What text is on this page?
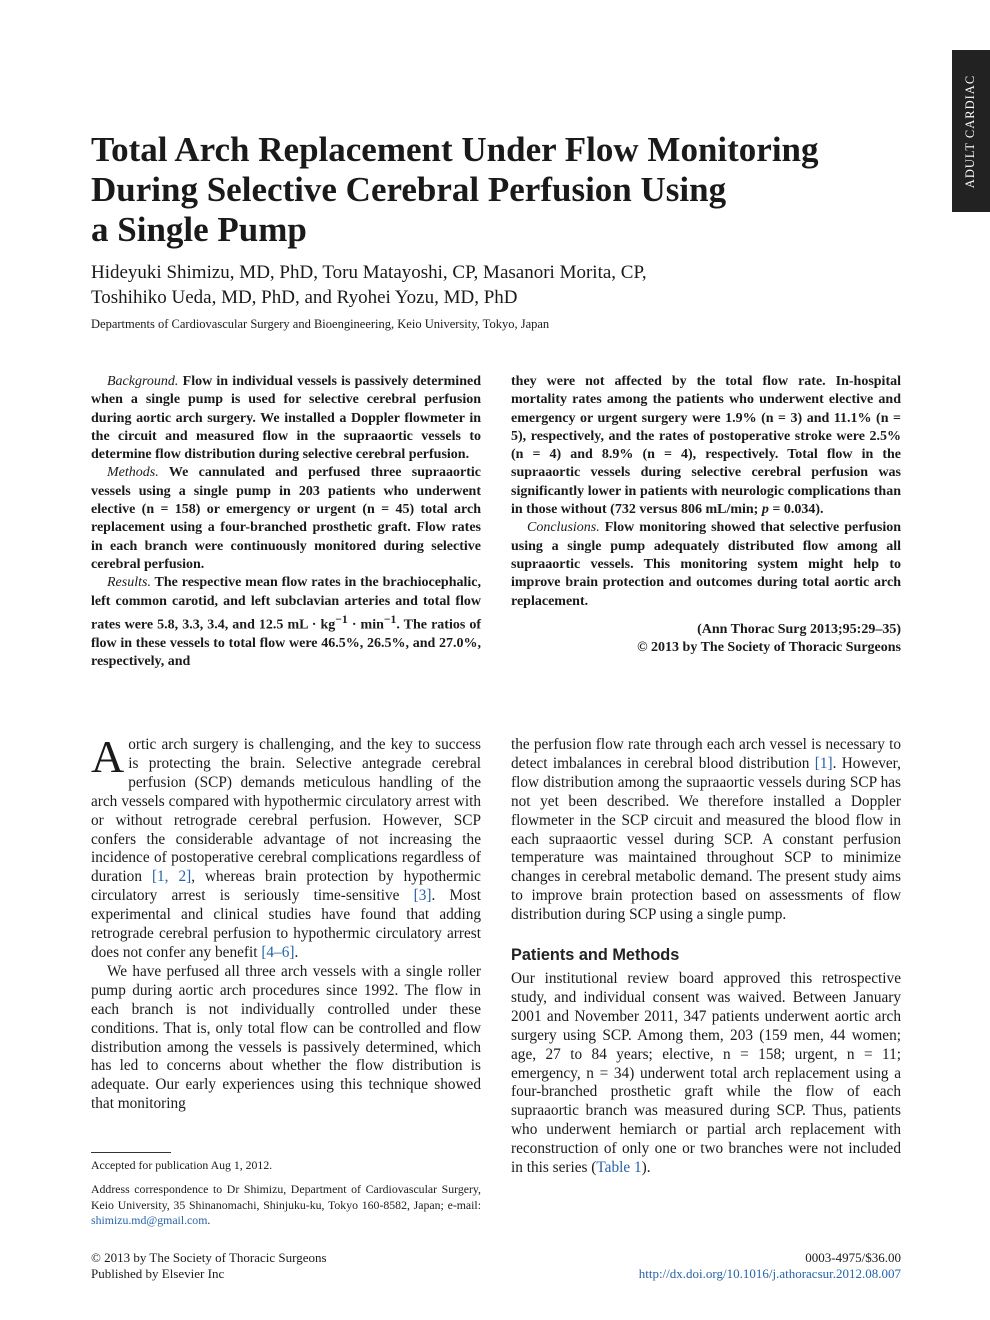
ADULT CARDIAC
Total Arch Replacement Under Flow Monitoring
During Selective Cerebral Perfusion Using
a Single Pump
Hideyuki Shimizu, MD, PhD, Toru Matayoshi, CP, Masanori Morita, CP,
Toshihiko Ueda, MD, PhD, and Ryohei Yozu, MD, PhD
Departments of Cardiovascular Surgery and Bioengineering, Keio University, Tokyo, Japan

Background. Flow in individual vessels is passively determined when a single pump is used for selective cerebral perfusion during aortic arch surgery. We installed a Doppler flowmeter in the circuit and measured flow in the supraaortic vessels to determine flow distribution during selective cerebral perfusion.

Methods. We cannulated and perfused three supraaortic vessels using a single pump in 203 patients who underwent elective (n = 158) or emergency or urgent (n = 45) total arch replacement using a four-branched prosthetic graft. Flow rates in each branch were continuously monitored during selective cerebral perfusion.

Results. The respective mean flow rates in the brachiocephalic, left common carotid, and left subclavian arteries and total flow rates were 5.8, 3.3, 3.4, and 12.5 mL · $kg^{-1} \cdot \min^{-1}$. The ratios of flow in these vessels to total flow were 46.5%, 26.5%, and 27.0%, respectively, and

they were not affected by the total flow rate. In-hospital mortality rates among the patients who underwent elective and emergency or urgent surgery were 1.9% (n = 3) and 11.1% (n = 5), respectively, and the rates of postoperative stroke were 2.5% (n = 4) and 8.9% (n = 4), respectively. Total flow in the supraaortic vessels during selective cerebral perfusion was significantly lower in patients with neurologic complications than in those without (732 versus 806 mL/min; p = 0.034).

Conclusions. Flow monitoring showed that selective perfusion using a single pump adequately distributed flow among all supraaortic vessels. This monitoring system might help to improve brain protection and outcomes during total aortic arch replacement.

(Ann Thorac Surg 2013;95:29–35)
© 2013 by The Society of Thoracic Surgeons

Aortic arch surgery is challenging, and the key to success is protecting the brain. Selective antegrade cerebral perfusion (SCP) demands meticulous handling of the arch vessels compared with hypothermic circulatory arrest with or without retrograde cerebral perfusion. However, SCP confers the considerable advantage of not increasing the incidence of postoperative cerebral complications regardless of duration [1, 2], whereas brain protection by hypothermic circulatory arrest is seriously time-sensitive [3]. Most experimental and clinical studies have found that adding retrograde cerebral perfusion to hypothermic circulatory arrest does not confer any benefit [4–6].

We have perfused all three arch vessels with a single roller pump during aortic arch procedures since 1992. The flow in each branch is not individually controlled under these conditions. That is, only total flow can be controlled and flow distribution among the vessels is passively determined, which has led to concerns about whether the flow distribution is adequate. Our early experiences using this technique showed that monitoring

the perfusion flow rate through each arch vessel is necessary to detect imbalances in cerebral blood distribution [1]. However, flow distribution among the supraaortic vessels during SCP has not yet been described. We therefore installed a Doppler flowmeter in the SCP circuit and measured the blood flow in each supraaortic vessel during SCP. A constant perfusion temperature was maintained throughout SCP to minimize changes in cerebral metabolic demand. The present study aims to improve brain protection based on assessments of flow distribution during SCP using a single pump.

Patients and Methods

Our institutional review board approved this retrospective study, and individual consent was waived. Between January 2001 and November 2011, 347 patients underwent aortic arch surgery using SCP. Among them, 203 (159 men, 44 women; age, 27 to 84 years; elective, n = 158; urgent, n = 11; emergency, n = 34) underwent total arch replacement using a four-branched prosthetic graft while the flow of each supraaortic branch was measured during SCP. Thus, patients who underwent hemiarch or partial arch replacement with reconstruction of only one or two branches were not included in this series (Table 1).

Accepted for publication Aug 1, 2012.
Address correspondence to Dr Shimizu, Department of Cardiovascular Surgery, Keio University, 35 Shinanomachi, Shinjuku-ku, Tokyo 160-8582, Japan; e-mail: shimizu.md@gmail.com.
© 2013 by The Society of Thoracic Surgeons
Published by Elsevier Inc
0003-4975/$36.00
http://dx.doi.org/10.1016/j.athoracsur.2012.08.007
